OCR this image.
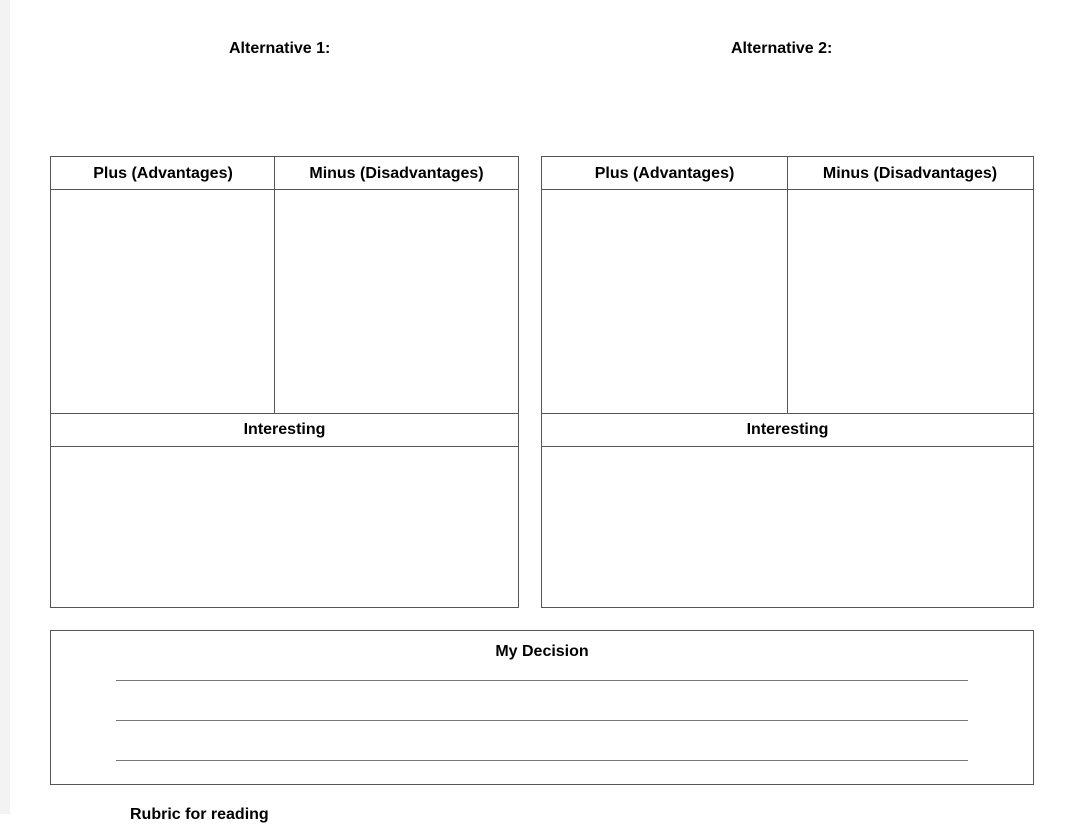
Alternative 1:	Alternative 2:
Plus (Advantages)	Minus (Disadvantages)
Interesting
Plus (Advantages)	Minus (Disadvantages)
Interesting
My Decision
Rubric for reading
